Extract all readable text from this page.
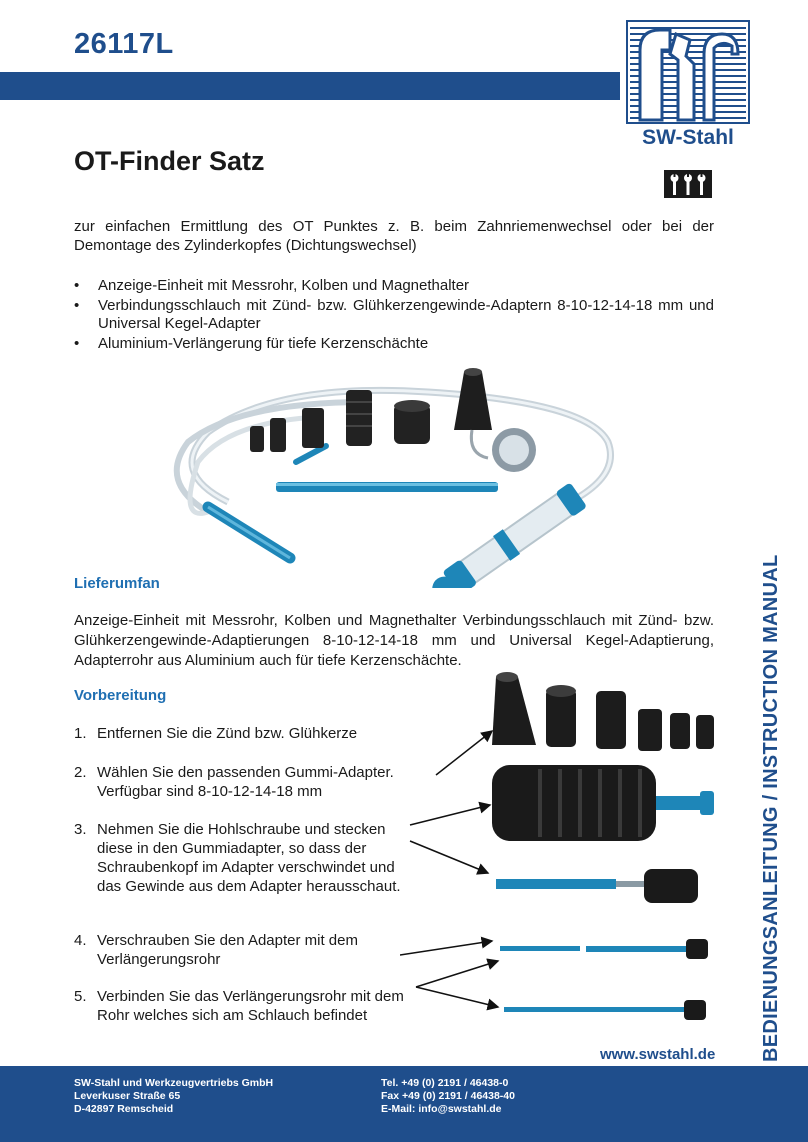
26117L
SW-Stahl
OT-Finder Satz

zur einfachen Ermittlung des OT Punktes z. B. beim Zahnriemenwechsel oder bei der Demontage des Zylinderkopfes (Dichtungswechsel)

• Anzeige-Einheit mit Messrohr, Kolben und Magnethalter
• Verbindungsschlauch mit Zünd- bzw. Glühkerzengewinde-Adaptern 8-10-12-14-18 mm und Universal Kegel-Adapter
• Aluminium-Verlängerung für tiefe Kerzenschächte
Lieferumfan

Anzeige-Einheit mit Messrohr, Kolben und Magnethalter Verbindungsschlauch mit Zünd- bzw. Glühkerzengewinde-Adaptierungen 8-10-12-14-18 mm und Universal Kegel-Adaptierung, Adapterrohr aus Aluminium auch für tiefe Kerzenschächte.

Vorbereitung
1. Entfernen Sie die Zünd bzw. Glühkerze
2. Wählen Sie den passenden Gummi-Adapter. Verfügbar sind 8-10-12-14-18 mm
3. Nehmen Sie die Hohlschraube und stecken diese in den Gummiadapter, so dass der Schraubenkopf im Adapter verschwindet und das Gewinde aus dem Adapter herausschaut.
4. Verschrauben Sie den Adapter mit dem Verlängerungsrohr
5. Verbinden Sie das Verlängerungsrohr mit dem Rohr welches sich am Schlauch befindet
www.swstahl.de BEDIENUNGSANLEITUNG / INSTRUCTION MANUAL
SW-Stahl und Werkzeugvertriebs GmbH
Leverkuser Straße 65
D-42897 Remscheid
Tel. +49 (0) 2191 / 46438-0
Fax +49 (0) 2191 / 46438-40
E-Mail: info@swstahl.de
